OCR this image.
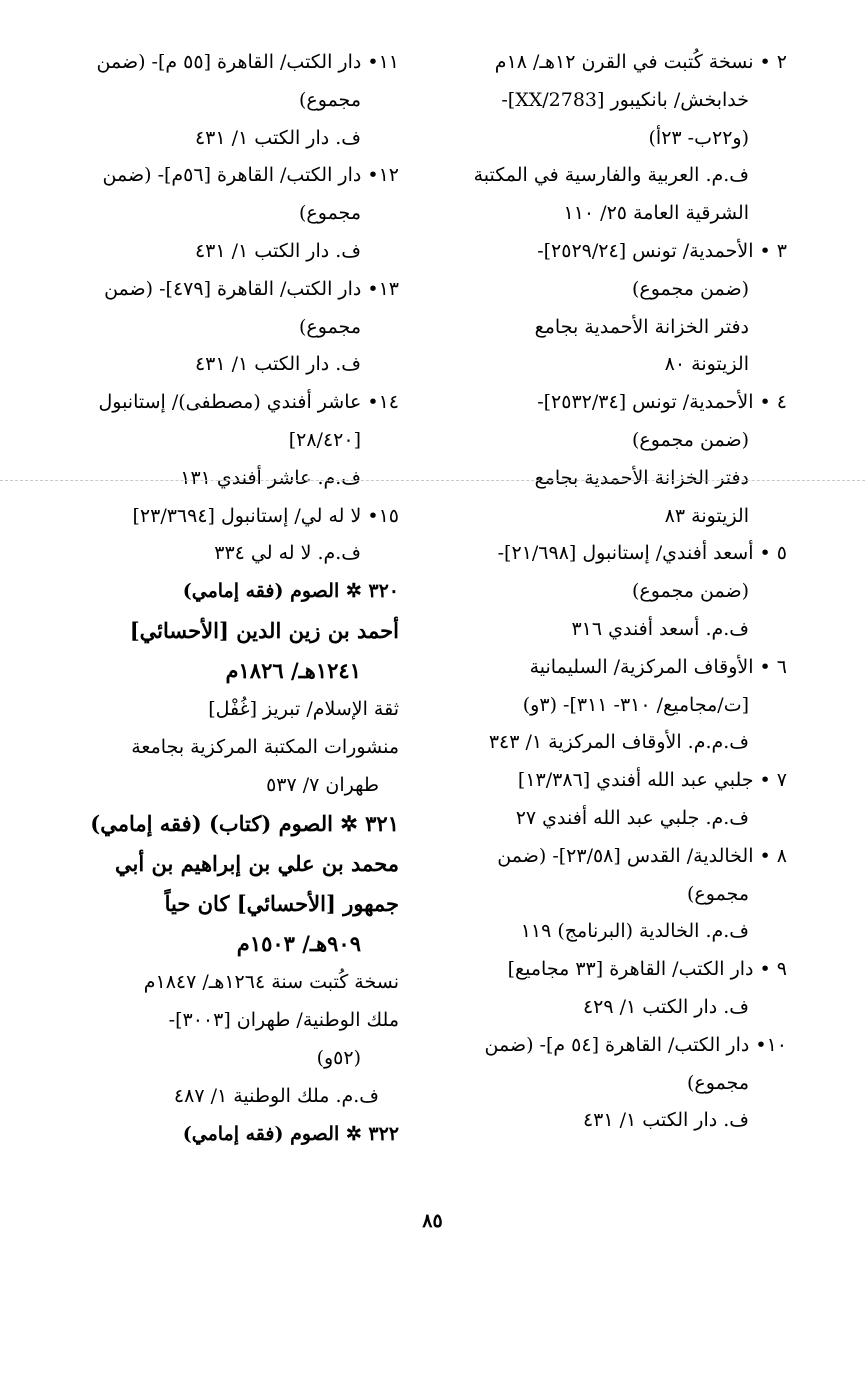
٢ • نسخة كُتبت في القرن ١٢هـ/ ١٨م
خدابخش/ بانكيبور [2783/XX]-
(و٢٢ب- ٢٣أ)
ف.م. العربية والفارسية في المكتبة
الشرقية العامة ٢٥/ ١١٠
٣ • الأحمدية/ تونس [٢٥٢٩/٢٤]-
(ضمن مجموع)
دفتر الخزانة الأحمدية بجامع
الزيتونة ٨٠
٤ • الأحمدية/ تونس [٢٥٣٢/٣٤]-
(ضمن مجموع)
دفتر الخزانة الأحمدية بجامع
الزيتونة ٨٣
٥ • أسعد أفندي/ إستانبول [٢١/٦٩٨]-
(ضمن مجموع)
ف.م. أسعد أفندي ٣١٦
٦ • الأوقاف المركزية/ السليمانية
[ت/مجاميع/ ٣١٠- ٣١١]- (٣و)
ف.م.م. الأوقاف المركزية ١/ ٣٤٣
٧ • جلبي عبد الله أفندي [١٣/٣٨٦]
ف.م. جلبي عبد الله أفندي ٢٧
٨ • الخالدية/ القدس [٢٣/٥٨]- (ضمن
مجموع)
ف.م. الخالدية (البرنامج) ١١٩
٩ • دار الكتب/ القاهرة [٣٣ مجاميع]
ف. دار الكتب ١/ ٤٢٩
١٠• دار الكتب/ القاهرة [٥٤ م]- (ضمن
مجموع)
ف. دار الكتب ١/ ٤٣١
١١• دار الكتب/ القاهرة [٥٥ م]- (ضمن
مجموع)
ف. دار الكتب ١/ ٤٣١
١٢• دار الكتب/ القاهرة [٥٦م]- (ضمن
مجموع)
ف. دار الكتب ١/ ٤٣١
١٣• دار الكتب/ القاهرة [٤٧٩]- (ضمن
مجموع)
ف. دار الكتب ١/ ٤٣١
١٤• عاشر أفندي (مصطفى)/ إستانبول
[٢٨/٤٢٠]
ف.م. عاشر أفندي ١٣١
١٥• لا له لي/ إستانبول [٢٣/٣٦٩٤]
ف.م. لا له لي ٣٣٤
٣٢٠ ✲ الصوم (فقه إمامي)
أحمد بن زين الدين [الأحسائي]
١٢٤١هـ/ ١٨٢٦م
ثقة الإسلام/ تبريز [غُفْل]
منشورات المكتبة المركزية بجامعة
طهران ٧/ ٥٣٧
٣٢١ ✲ الصوم (كتاب) (فقه إمامي)
محمد بن علي بن إبراهيم بن أبي
جمهور [الأحسائي] كان حياً
٩٠٩هـ/ ١٥٠٣م
نسخة كُتبت سنة ١٢٦٤هـ/ ١٨٤٧م
ملك الوطنية/ طهران [٣٠٠٣]-
(٥٢و)
ف.م. ملك الوطنية ١/ ٤٨٧
٣٢٢ ✲ الصوم (فقه إمامي)
٨٥
